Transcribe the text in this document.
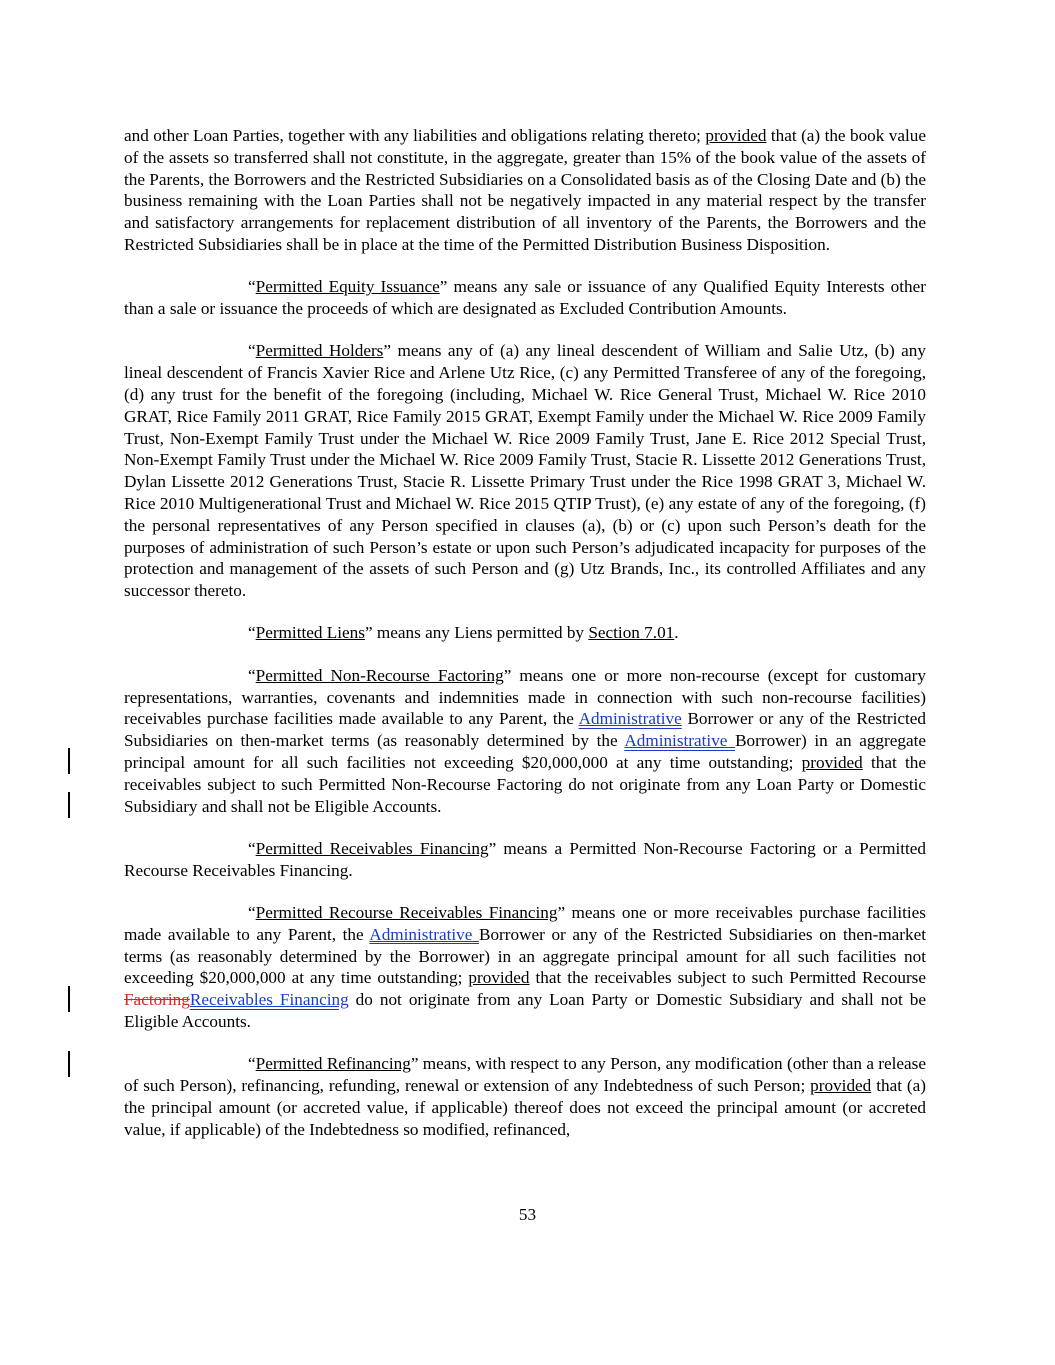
and other Loan Parties, together with any liabilities and obligations relating thereto; provided that (a) the book value of the assets so transferred shall not constitute, in the aggregate, greater than 15% of the book value of the assets of the Parents, the Borrowers and the Restricted Subsidiaries on a Consolidated basis as of the Closing Date and (b) the business remaining with the Loan Parties shall not be negatively impacted in any material respect by the transfer and satisfactory arrangements for replacement distribution of all inventory of the Parents, the Borrowers and the Restricted Subsidiaries shall be in place at the time of the Permitted Distribution Business Disposition.

“Permitted Equity Issuance” means any sale or issuance of any Qualified Equity Interests other than a sale or issuance the proceeds of which are designated as Excluded Contribution Amounts.

“Permitted Holders” means any of (a) any lineal descendent of William and Salie Utz, (b) any lineal descendent of Francis Xavier Rice and Arlene Utz Rice, (c) any Permitted Transferee of any of the foregoing, (d) any trust for the benefit of the foregoing (including, Michael W. Rice General Trust, Michael W. Rice 2010 GRAT, Rice Family 2011 GRAT, Rice Family 2015 GRAT, Exempt Family under the Michael W. Rice 2009 Family Trust, Non-Exempt Family Trust under the Michael W. Rice 2009 Family Trust, Jane E. Rice 2012 Special Trust, Non-Exempt Family Trust under the Michael W. Rice 2009 Family Trust, Stacie R. Lissette 2012 Generations Trust, Dylan Lissette 2012 Generations Trust, Stacie R. Lissette Primary Trust under the Rice 1998 GRAT 3, Michael W. Rice 2010 Multigenerational Trust and Michael W. Rice 2015 QTIP Trust), (e) any estate of any of the foregoing, (f) the personal representatives of any Person specified in clauses (a), (b) or (c) upon such Person’s death for the purposes of administration of such Person’s estate or upon such Person’s adjudicated incapacity for purposes of the protection and management of the assets of such Person and (g) Utz Brands, Inc., its controlled Affiliates and any successor thereto.

“Permitted Liens” means any Liens permitted by Section 7.01.

“Permitted Non-Recourse Factoring” means one or more non-recourse (except for customary representations, warranties, covenants and indemnities made in connection with such non-recourse facilities) receivables purchase facilities made available to any Parent, the Administrative Borrower or any of the Restricted Subsidiaries on then-market terms (as reasonably determined by the Administrative Borrower) in an aggregate principal amount for all such facilities not exceeding $20,000,000 at any time outstanding; provided that the receivables subject to such Permitted Non-Recourse Factoring do not originate from any Loan Party or Domestic Subsidiary and shall not be Eligible Accounts.

“Permitted Receivables Financing” means a Permitted Non-Recourse Factoring or a Permitted Recourse Receivables Financing.

“Permitted Recourse Receivables Financing” means one or more receivables purchase facilities made available to any Parent, the Administrative Borrower or any of the Restricted Subsidiaries on then-market terms (as reasonably determined by the Borrower) in an aggregate principal amount for all such facilities not exceeding $20,000,000 at any time outstanding; provided that the receivables subject to such Permitted Recourse FactoringReceivables Financing do not originate from any Loan Party or Domestic Subsidiary and shall not be Eligible Accounts.

“Permitted Refinancing” means, with respect to any Person, any modification (other than a release of such Person), refinancing, refunding, renewal or extension of any Indebtedness of such Person; provided that (a) the principal amount (or accreted value, if applicable) thereof does not exceed the principal amount (or accreted value, if applicable) of the Indebtedness so modified, refinanced,

53
